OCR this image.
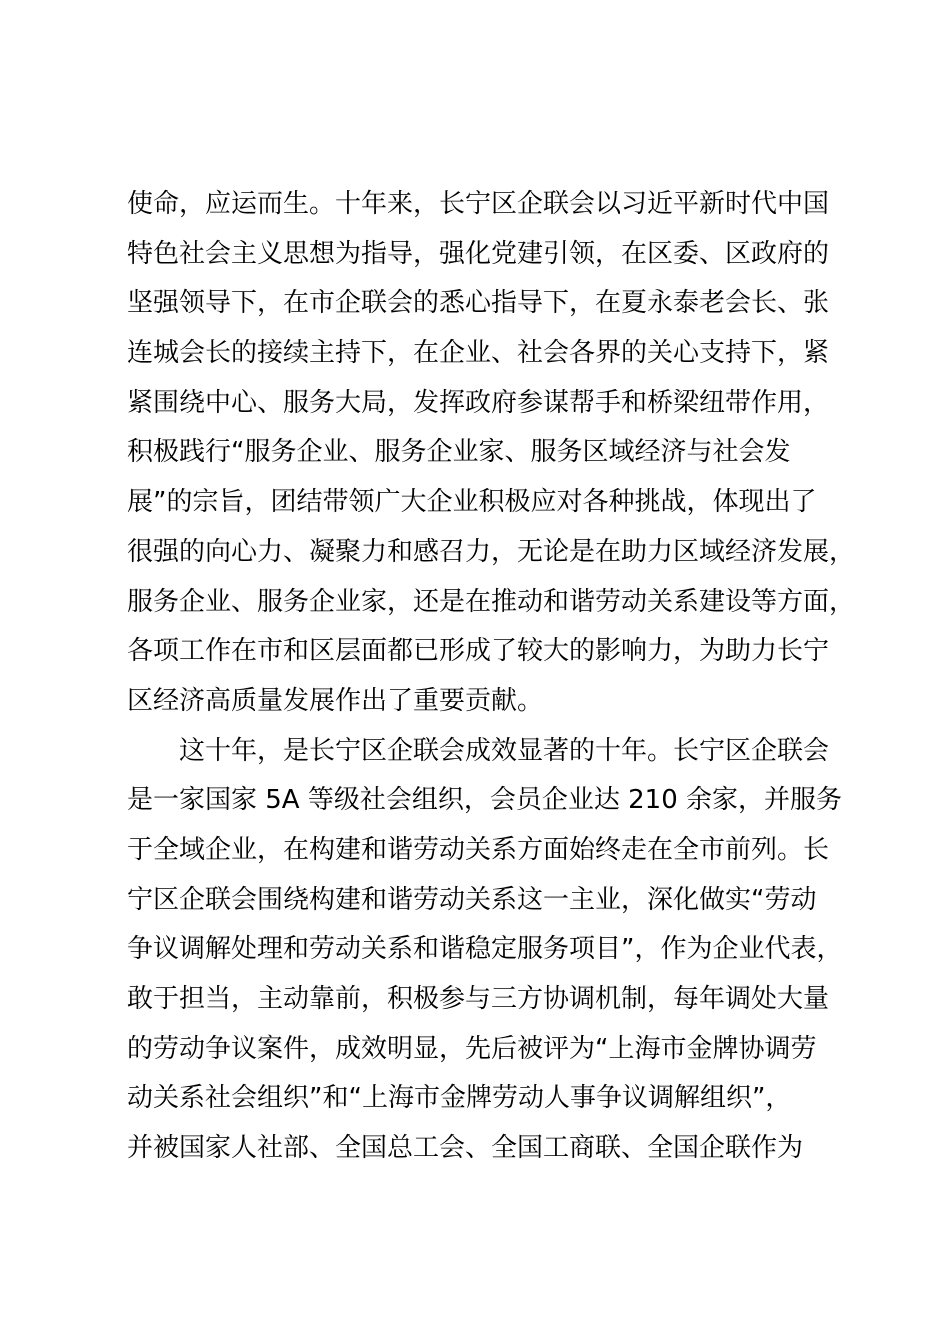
使命，应运而生。十年来，长宁区企联会以习近平新时代中国
特色社会主义思想为指导，强化党建引领，在区委、区政府的
坚强领导下，在市企联会的悉心指导下，在夏永泰老会长、张
连城会长的接续主持下，在企业、社会各界的关心支持下，紧
紧围绕中心、服务大局，发挥政府参谋帮手和桥梁纽带作用，
积极践行“服务企业、服务企业家、服务区域经济与社会发
展”的宗旨，团结带领广大企业积极应对各种挑战，体现出了
很强的向心力、凝聚力和感召力，无论是在助力区域经济发展，
服务企业、服务企业家，还是在推动和谐劳动关系建设等方面，
各项工作在市和区层面都已形成了较大的影响力，为助力长宁
区经济高质量发展作出了重要贡献。
这十年，是长宁区企联会成效显著的十年。长宁区企联会
是一家国家 5A 等级社会组织，会员企业达 210 余家，并服务
于全域企业，在构建和谐劳动关系方面始终走在全市前列。长
宁区企联会围绕构建和谐劳动关系这一主业，深化做实“劳动
争议调解处理和劳动关系和谐稳定服务项目”，作为企业代表，
敢于担当，主动靠前，积极参与三方协调机制，每年调处大量
的劳动争议案件，成效明显，先后被评为“上海市金牌协调劳
动关系社会组织”和“上海市金牌劳动人事争议调解组织”，
并被国家人社部、全国总工会、全国工商联、全国企联作为
